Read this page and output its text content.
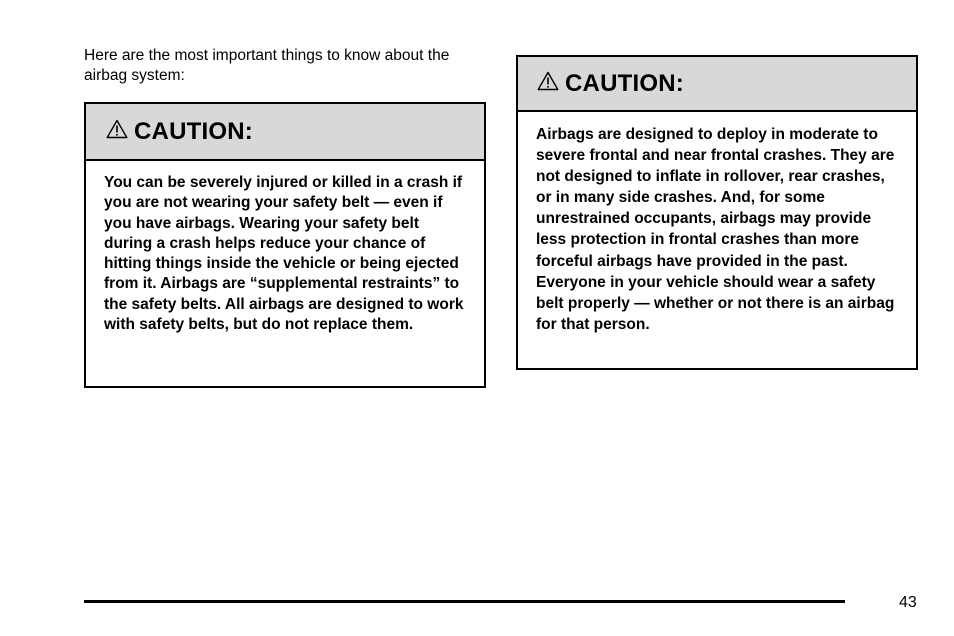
Here are the most important things to know about the airbag system:
CAUTION:
You can be severely injured or killed in a crash if you are not wearing your safety belt — even if you have airbags. Wearing your safety belt during a crash helps reduce your chance of hitting things inside the vehicle or being ejected from it. Airbags are “supplemental restraints” to the safety belts. All airbags are designed to work with safety belts, but do not replace them.
CAUTION:
Airbags are designed to deploy in moderate to severe frontal and near frontal crashes. They are not designed to inflate in rollover, rear crashes, or in many side crashes. And, for some unrestrained occupants, airbags may provide less protection in frontal crashes than more forceful airbags have provided in the past. Everyone in your vehicle should wear a safety belt properly — whether or not there is an airbag for that person.
43
